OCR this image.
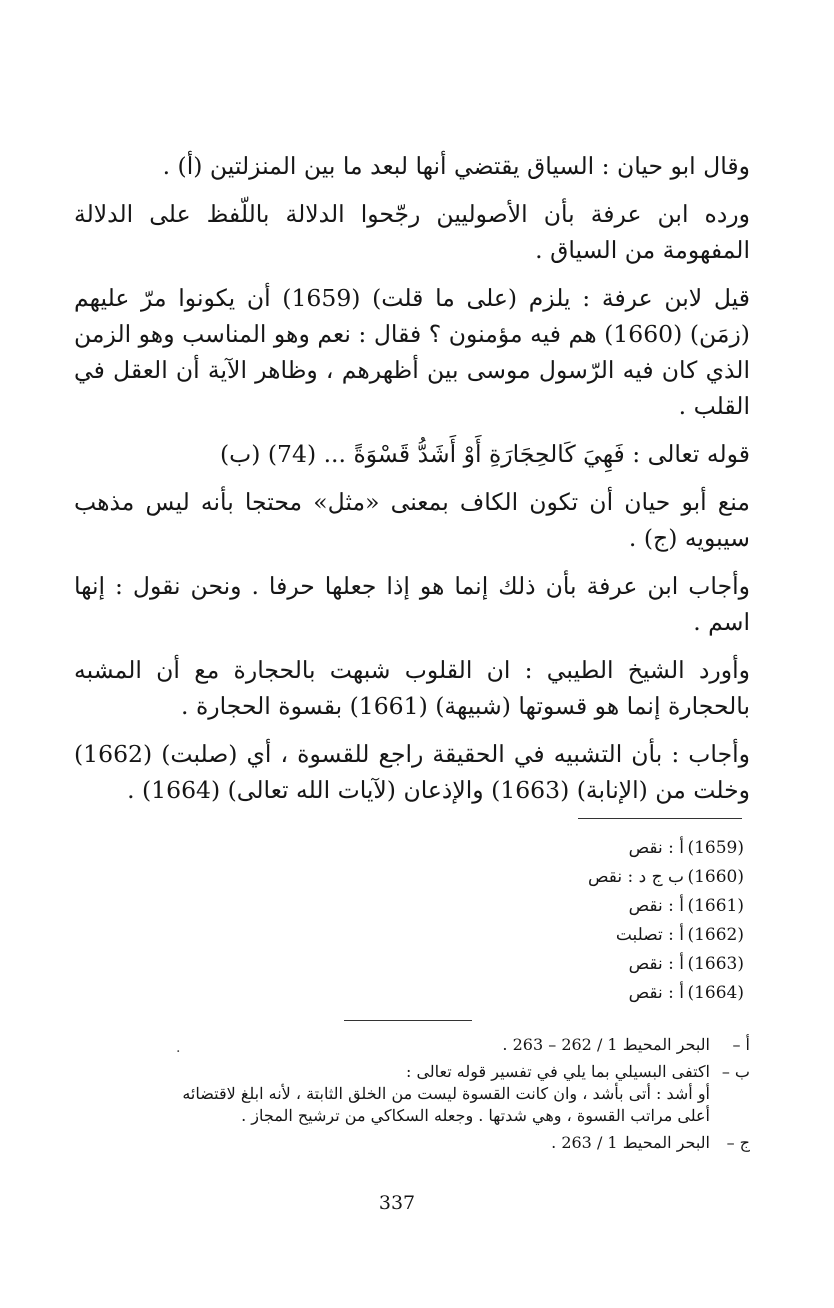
وقال ابو حيان : السياق يقتضي أنها لبعد ما بين المنزلتين (أ) .

ورده ابن عرفة بأن الأصوليين رجّحوا الدلالة باللّفظ على الدلالة المفهومة من السياق .

قيل لابن عرفة : يلزم (على ما قلت) (1659) أن يكونوا مرّ عليهم (زمَن) (1660) هم فيه مؤمنون ؟ فقال : نعم وهو المناسب وهو الزمن الذي كان فيه الرّسول موسى بين أظهرهم ، وظاهر الآية أن العقل في القلب .

قوله تعالى : فَهِيَ كَالحِجَارَةِ أَوْ أَشَدُّ قَسْوَةً ... (74) (ب)

منع أبو حيان أن تكون الكاف بمعنى «مثل» محتجا بأنه ليس مذهب سيبويه (ج) .

وأجاب ابن عرفة بأن ذلك إنما هو إذا جعلها حرفا . ونحن نقول : إنها اسم .

وأورد الشيخ الطيبي : ان القلوب شبهت بالحجارة مع أن المشبه بالحجارة إنما هو قسوتها (شبيهة) (1661) بقسوة الحجارة .

وأجاب : بأن التشبيه في الحقيقة راجع للقسوة ، أي (صلبت) (1662) وخلت من (الإنابة) (1663) والإذعان (لآيات الله تعالى) (1664) .

(1659)
أ : نقص
(1660)
ب ج د : نقص
(1661)
أ : نقص
(1662)
أ : تصلبت
(1663)
أ : نقص
(1664)
أ : نقص
.	أ –
البحر المحيط 1 / 262 – 263 .
ب –
اكتفى البسيلي بما يلي في تفسير قوله تعالى :
أو أشد : أتى بأشد ، وان كانت القسوة ليست من الخلق الثابتة ، لأنه ابلغ لاقتضائه
أعلى مراتب القسوة ، وهي شدتها . وجعله السكاكي من ترشيح المجاز .
ج –
البحر المحيط 1 / 263 .
337
